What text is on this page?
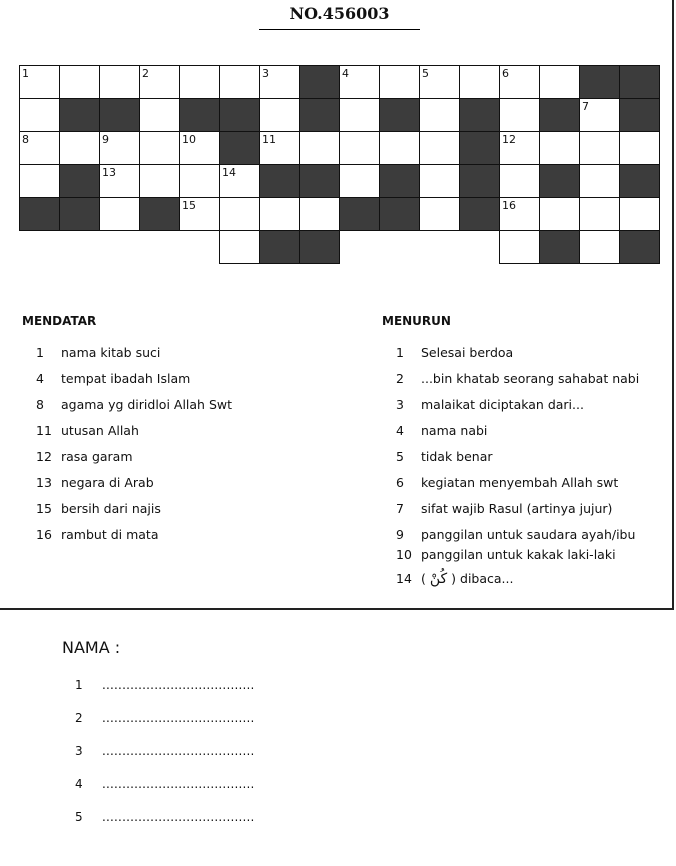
NO.456003
1	2	3	4	5	6
7
8	9	10	11	12
13	14
15	16
MENDATAR
1 nama kitab suci
4 tempat ibadah Islam
8 agama yg diridloi Allah Swt
11 utusan Allah
12 rasa garam
13 negara di Arab
15 bersih dari najis
16 rambut di mata
MENURUN
1 Selesai berdoa
2 ...bin khatab seorang sahabat nabi
3 malaikat diciptakan dari...
4 nama nabi
5 tidak benar
6 kegiatan menyembah Allah swt
7 sifat wajib Rasul (artinya jujur)
9 panggilan untuk saudara ayah/ibu
10 panggilan untuk kakak laki-laki
14 ( كُنْ ) dibaca...
NAMA :
1 ......................................
2 ......................................
3 ......................................
4 ......................................
5 ......................................
